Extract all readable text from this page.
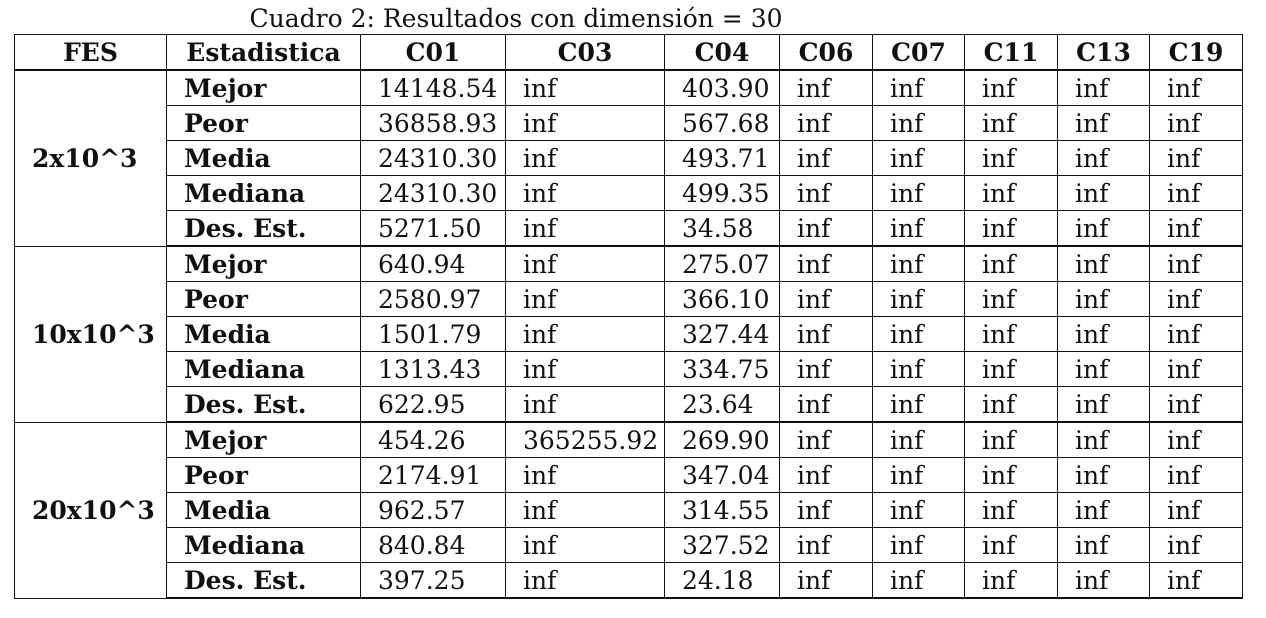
Cuadro 2: Resultados con dimensión = 30
FES	Estadistica	C01	C03	C04	C06	C07	C11	C13	C19
2x10^3	Mejor	14148.54	inf	403.90	inf	inf	inf	inf	inf
	Peor	36858.93	inf	567.68	inf	inf	inf	inf	inf
	Media	24310.30	inf	493.71	inf	inf	inf	inf	inf
	Mediana	24310.30	inf	499.35	inf	inf	inf	inf	inf
	Des. Est.	5271.50	inf	34.58	inf	inf	inf	inf	inf
10x10^3	Mejor	640.94	inf	275.07	inf	inf	inf	inf	inf
	Peor	2580.97	inf	366.10	inf	inf	inf	inf	inf
	Media	1501.79	inf	327.44	inf	inf	inf	inf	inf
	Mediana	1313.43	inf	334.75	inf	inf	inf	inf	inf
	Des. Est.	622.95	inf	23.64	inf	inf	inf	inf	inf
20x10^3	Mejor	454.26	365255.92	269.90	inf	inf	inf	inf	inf
	Peor	2174.91	inf	347.04	inf	inf	inf	inf	inf
	Media	962.57	inf	314.55	inf	inf	inf	inf	inf
	Mediana	840.84	inf	327.52	inf	inf	inf	inf	inf
	Des. Est.	397.25	inf	24.18	inf	inf	inf	inf	inf
